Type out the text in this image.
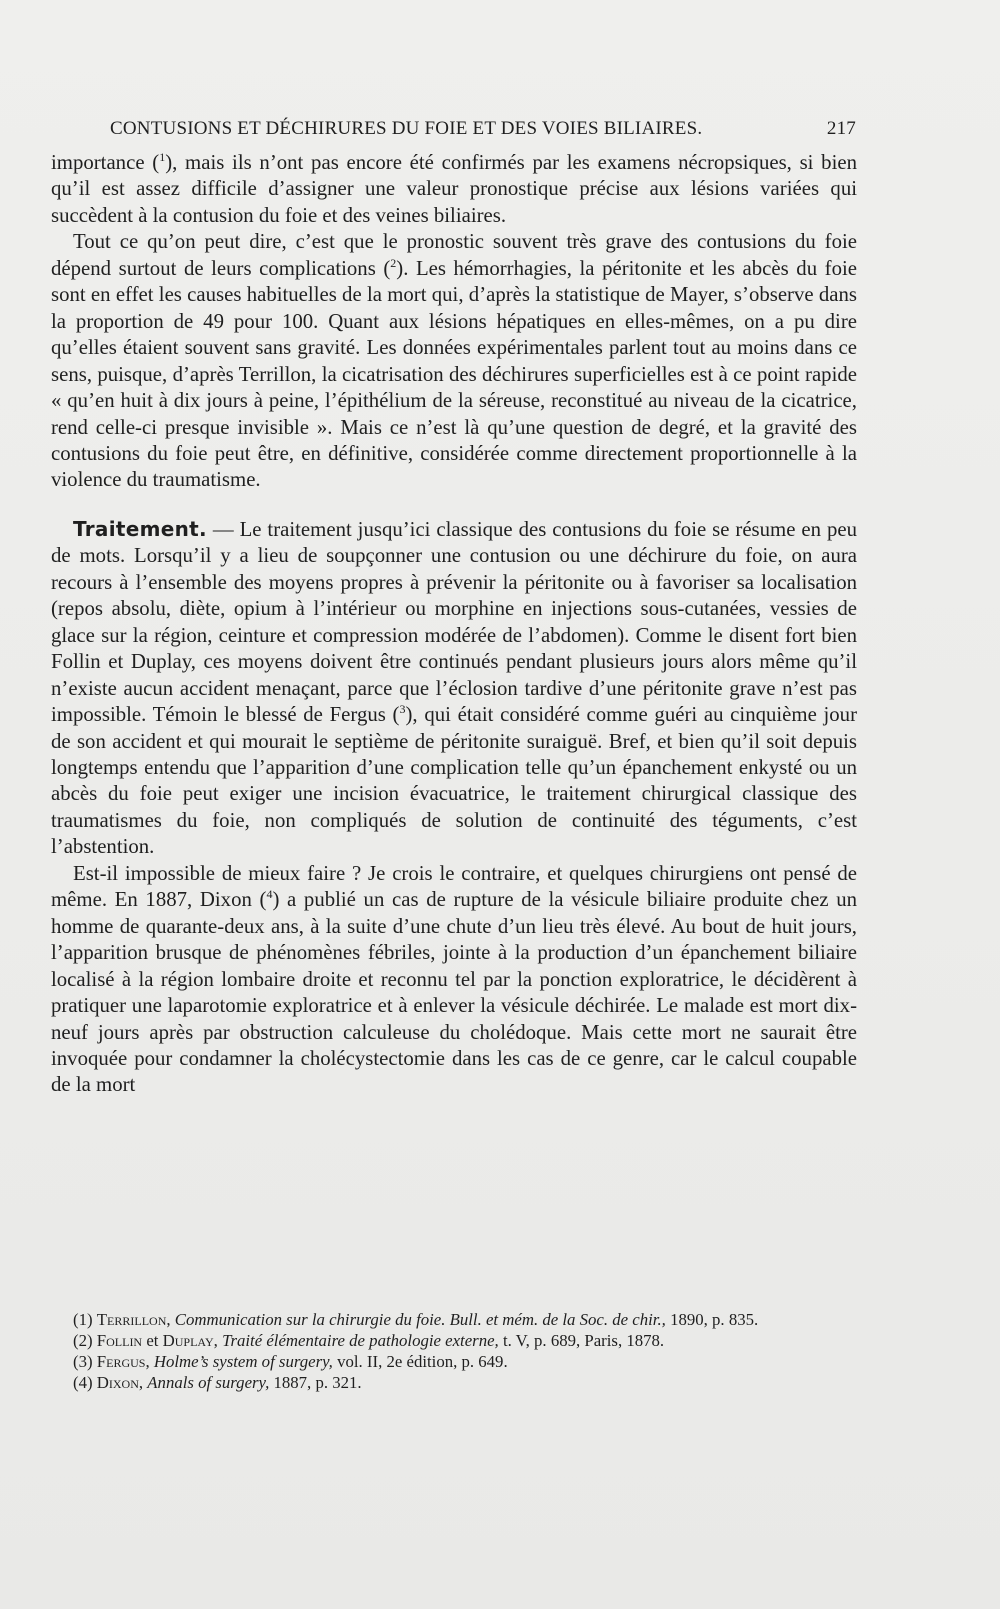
CONTUSIONS ET DÉCHIRURES DU FOIE ET DES VOIES BILIAIRES.	217

importance ($^1$), mais ils n’ont pas encore été confirmés par les examens nécropsiques, si bien qu’il est assez difficile d’assigner une valeur pronostique précise aux lésions variées qui succèdent à la contusion du foie et des veines biliaires.

Tout ce qu’on peut dire, c’est que le pronostic souvent très grave des contusions du foie dépend surtout de leurs complications ($^2$). Les hémorrhagies, la péritonite et les abcès du foie sont en effet les causes habituelles de la mort qui, d’après la statistique de Mayer, s’observe dans la proportion de 49 pour 100. Quant aux lésions hépatiques en elles-mêmes, on a pu dire qu’elles étaient souvent sans gravité. Les données expérimentales parlent tout au moins dans ce sens, puisque, d’après Terrillon, la cicatrisation des déchirures superficielles est à ce point rapide « qu’en huit à dix jours à peine, l’épithélium de la séreuse, reconstitué au niveau de la cicatrice, rend celle-ci presque invisible ». Mais ce n’est là qu’une question de degré, et la gravité des contusions du foie peut être, en définitive, considérée comme directement proportionnelle à la violence du traumatisme.

Traitement. — Le traitement jusqu’ici classique des contusions du foie se résume en peu de mots. Lorsqu’il y a lieu de soupçonner une contusion ou une déchirure du foie, on aura recours à l’ensemble des moyens propres à prévenir la péritonite ou à favoriser sa localisation (repos absolu, diète, opium à l’intérieur ou morphine en injections sous-cutanées, vessies de glace sur la région, ceinture et compression modérée de l’abdomen). Comme le disent fort bien Follin et Duplay, ces moyens doivent être continués pendant plusieurs jours alors même qu’il n’existe aucun accident menaçant, parce que l’éclosion tardive d’une péritonite grave n’est pas impossible. Témoin le blessé de Fergus ($^3$), qui était considéré comme guéri au cinquième jour de son accident et qui mourait le septième de péritonite suraiguë. Bref, et bien qu’il soit depuis longtemps entendu que l’apparition d’une complication telle qu’un épanchement enkysté ou un abcès du foie peut exiger une incision évacuatrice, le traitement chirurgical classique des traumatismes du foie, non compliqués de solution de continuité des téguments, c’est l’abstention.

Est-il impossible de mieux faire ? Je crois le contraire, et quelques chirurgiens ont pensé de même. En 1887, Dixon ($^4$) a publié un cas de rupture de la vésicule biliaire produite chez un homme de quarante-deux ans, à la suite d’une chute d’un lieu très élevé. Au bout de huit jours, l’apparition brusque de phénomènes fébriles, jointe à la production d’un épanchement biliaire localisé à la région lombaire droite et reconnu tel par la ponction exploratrice, le décidèrent à pratiquer une laparotomie exploratrice et à enlever la vésicule déchirée. Le malade est mort dix-neuf jours après par obstruction calculeuse du cholédoque. Mais cette mort ne saurait être invoquée pour condamner la cholécystectomie dans les cas de ce genre, car le calcul coupable de la mort

(1) Terrillon, Communication sur la chirurgie du foie. Bull. et mém. de la Soc. de chir., 1890, p. 835.
(2) Follin et Duplay, Traité élémentaire de pathologie externe, t. V, p. 689, Paris, 1878.
(3) Fergus, Holme’s system of surgery, vol. II, 2e édition, p. 649.
(4) Dixon, Annals of surgery, 1887, p. 321.
